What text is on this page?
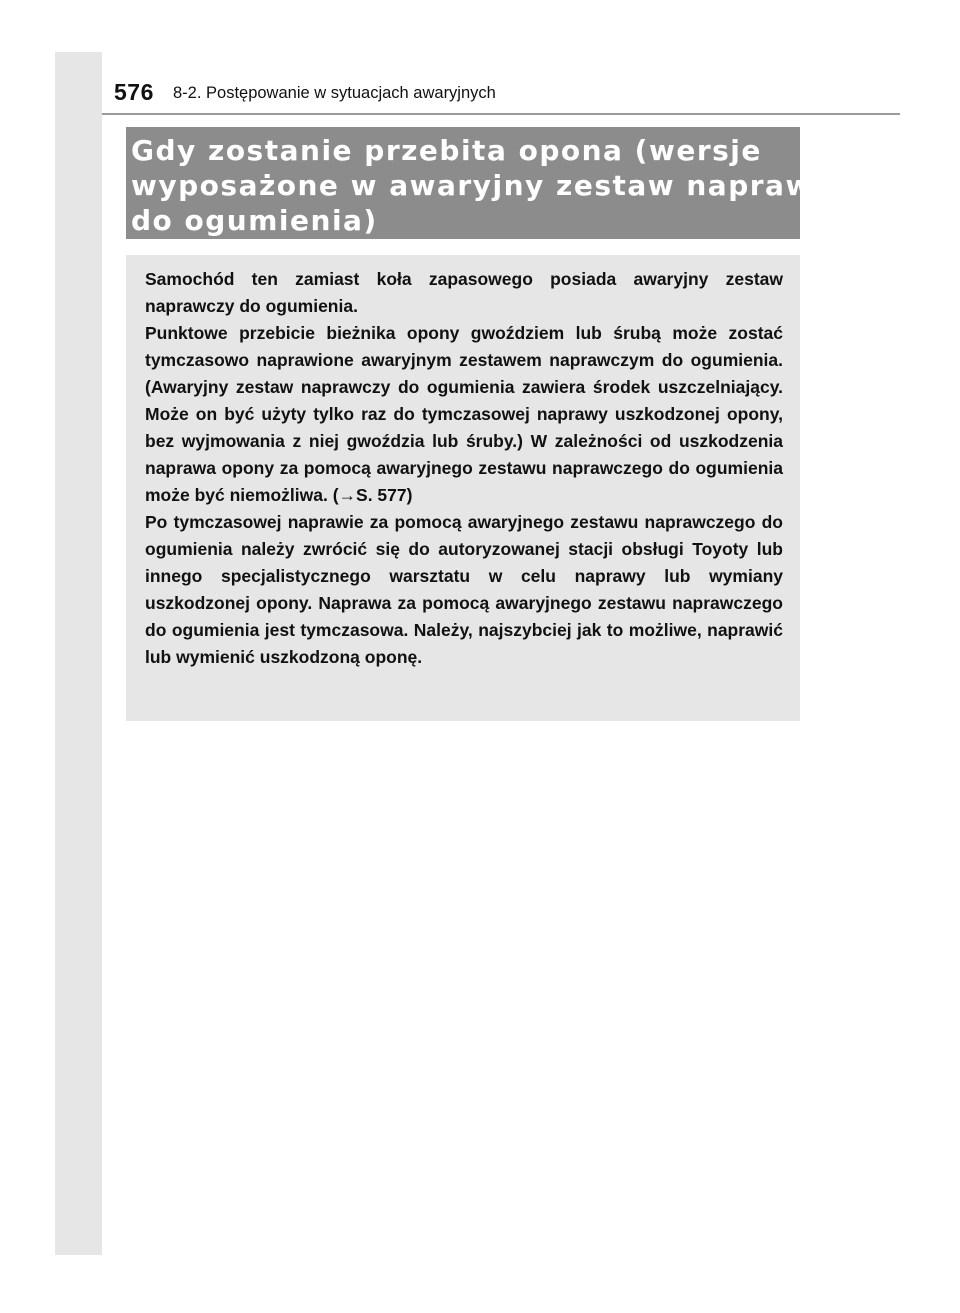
576 8-2. Postępowanie w sytuacjach awaryjnych
Gdy zostanie przebita opona (wersje
wyposażone w awaryjny zestaw naprawczy
do ogumienia)

Samochód ten zamiast koła zapasowego posiada awaryjny zestaw naprawczy do ogumienia.

Punktowe przebicie bieżnika opony gwoździem lub śrubą może zostać tymczasowo naprawione awaryjnym zestawem naprawczym do ogumienia. (Awaryjny zestaw naprawczy do ogumienia zawiera środek uszczelniający. Może on być użyty tylko raz do tymczasowej naprawy uszkodzonej opony, bez wyjmowania z niej gwoździa lub śruby.) W zależności od uszkodzenia naprawa opony za pomocą awaryjnego zestawu naprawczego do ogumienia może być niemożliwa. (→S. 577)

Po tymczasowej naprawie za pomocą awaryjnego zestawu naprawczego do ogumienia należy zwrócić się do autoryzowanej stacji obsługi Toyoty lub innego specjalistycznego warsztatu w celu naprawy lub wymiany uszkodzonej opony. Naprawa za pomocą awaryjnego zestawu naprawczego do ogumienia jest tymczasowa. Należy, najszybciej jak to możliwe, naprawić lub wymienić uszkodzoną oponę.
